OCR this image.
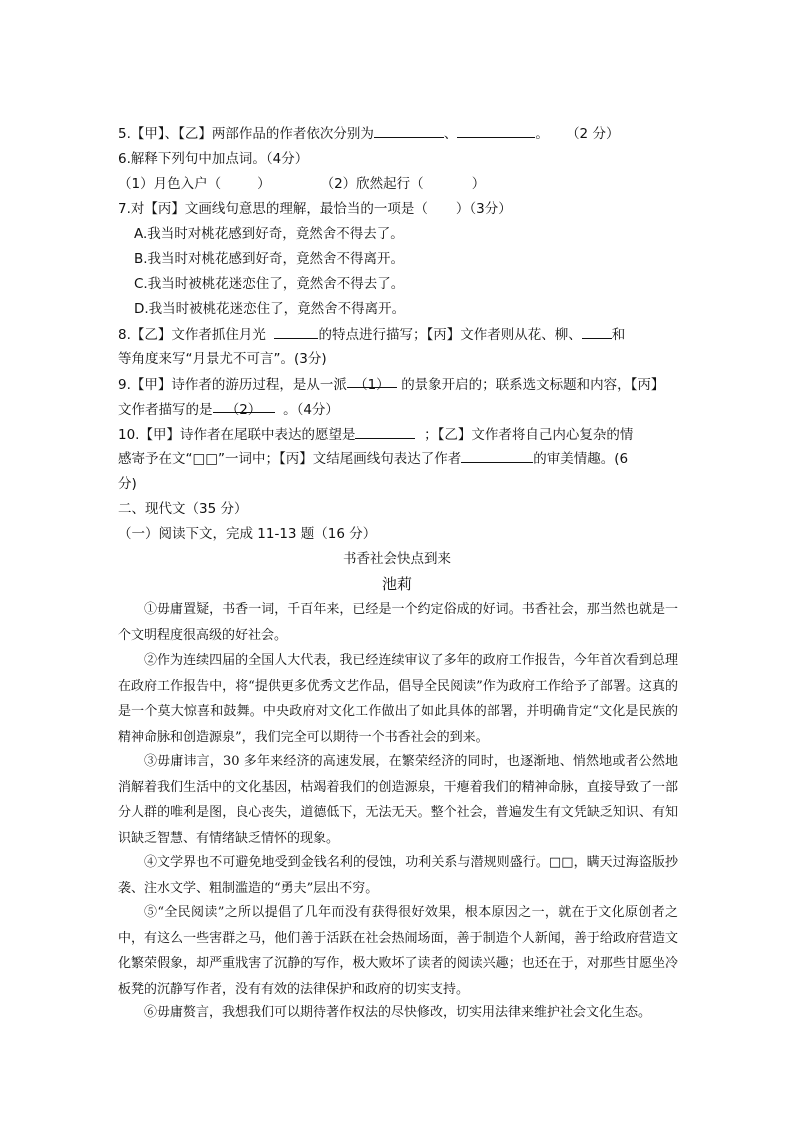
5.【甲】、【乙】两部作品的作者依次分别为	、	。 （2 分）
6.解释下列句中加点词。（4分）
（1）月色入户（	）	（2）欣然起行（	）
7.对【丙】文画线句意思的理解，最恰当的一项是（ ）（3分）
A.我当时对桃花感到好奇，竟然舍不得去了。
B.我当时对桃花感到好奇，竟然舍不得离开。
C.我当时被桃花迷恋住了，竟然舍不得去了。
D.我当时被桃花迷恋住了，竟然舍不得离开。
8.【乙】文作者抓住月光	的特点进行描写；【丙】文作者则从花、柳、 和
等角度来写“月景尤不可言”。(3分)
9.【甲】诗作者的游历过程，是从一派 （1） 的景象开启的；联系选文标题和内容，【丙】
文作者描写的是 （2） 。（4分）
10.【甲】诗作者在尾联中表达的愿望是	；【乙】文作者将自己内心复杂的情
感寄予在文“□□”一词中；【丙】文结尾画线句表达了作者	的审美情趣。(6
分)
二、现代文（35 分）
（一）阅读下文，完成 11-13 题（16 分）
书香社会快点到来
池莉
①毋庸置疑，书香一词，千百年来，已经是一个约定俗成的好词。书香社会，那当然也就是一个文明程度很高级的好社会。
②作为连续四届的全国人大代表，我已经连续审议了多年的政府工作报告，今年首次看到总理在政府工作报告中，将“提供更多优秀文艺作品，倡导全民阅读”作为政府工作给予了部署。这真的是一个莫大惊喜和鼓舞。中央政府对文化工作做出了如此具体的部署，并明确肯定“文化是民族的精神命脉和创造源泉”，我们完全可以期待一个书香社会的到来。
③毋庸讳言，30 多年来经济的高速发展，在繁荣经济的同时，也逐渐地、悄然地或者公然地消解着我们生活中的文化基因，枯竭着我们的创造源泉，干瘪着我们的精神命脉，直接导致了一部分人群的唯利是图，良心丧失，道德低下，无法无天。整个社会，普遍发生有文凭缺乏知识、有知识缺乏智慧、有情绪缺乏情怀的现象。
④文学界也不可避免地受到金钱名利的侵蚀，功利关系与潜规则盛行。□□，瞒天过海盗版抄袭、注水文学、粗制滥造的“勇夫”层出不穷。
⑤“全民阅读”之所以提倡了几年而没有获得很好效果，根本原因之一，就在于文化原创者之中，有这么一些害群之马，他们善于活跃在社会热闹场面，善于制造个人新闻，善于给政府营造文化繁荣假象，却严重戕害了沉静的写作，极大败坏了读者的阅读兴趣；也还在于，对那些甘愿坐冷板凳的沉静写作者，没有有效的法律保护和政府的切实支持。
⑥毋庸赘言，我想我们可以期待著作权法的尽快修改，切实用法律来维护社会文化生态。
